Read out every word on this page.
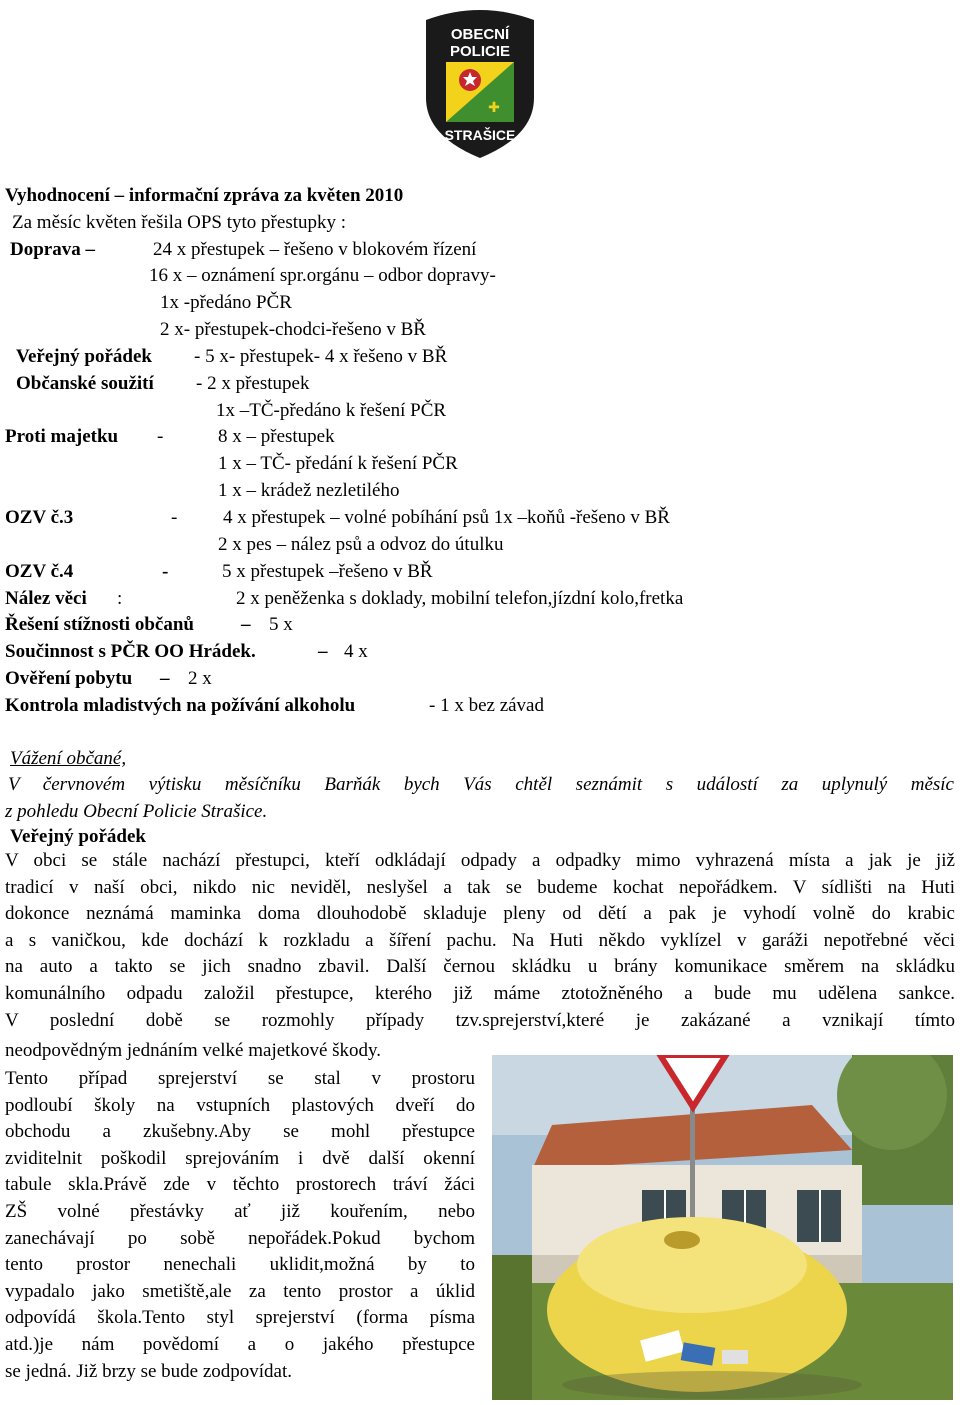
OBECNÍ
POLICIE
✚
STRAŠICE
Vyhodnocení – informační zpráva za květen 2010
Za měsíc květen řešila OPS tyto přestupky :
Doprava –	24 x přestupek – řešeno v blokovém řízení
16 x – oznámení spr.orgánu – odbor dopravy-
1x -předáno PČR
2 x- přestupek-chodci-řešeno v BŘ
Veřejný pořádek - 5 x- přestupek- 4 x řešeno v BŘ
Občanské soužití - 2 x přestupek
1x –TČ-předáno k řešení PČR
Proti majetku -	8 x – přestupek
1 x – TČ- předání k řešení PČR
1 x – krádež nezletilého
OZV č.3	- 4 x přestupek – volné pobíhání psů 1x –koňů -řešeno v BŘ
2 x pes – nález psů a odvoz do útulku
OZV č.4	-	5 x přestupek –řešeno v BŘ
Nález věci :	2 x peněženka s doklady, mobilní telefon,jízdní kolo,fretka
Řešení stížnosti občanů – 5 x
Součinnost s PČR OO Hrádek.	– 4 x
Ověření pobytu – 2 x
Kontrola mladistvých na požívání alkoholu	- 1 x bez závad
Vážení občané,
V červnovém výtisku měsíčníku Barňák bych Vás chtěl seznámit s událostí za uplynulý měsíc
z pohledu Obecní Policie Strašice.
Veřejný pořádek

V obci se stále nachází přestupci, kteří odkládají odpady a odpadky mimo vyhrazená místa a jak je již

tradicí v naší obci, nikdo nic neviděl, neslyšel a tak se budeme kochat nepořádkem. V sídlišti na Huti

dokonce neznámá maminka doma dlouhodobě skladuje pleny od dětí a pak je vyhodí volně do krabic

a s vaničkou, kde dochází k rozkladu a šíření pachu. Na Huti někdo vyklízel v garáži nepotřebné věci

na auto a takto se jich snadno zbavil. Další černou skládku u brány komunikace směrem na skládku

komunálního odpadu založil přestupce, kterého již máme ztotožněného a bude mu udělena sankce.

V poslední době se rozmohly případy tzv.sprejerství,které je zakázané a vznikají tímto

neodpovědným jednáním velké majetkové škody.

Tento případ sprejerství se stal v prostoru

podloubí školy na vstupních plastových dveří do

obchodu a zkušebny.Aby se mohl přestupce

zviditelnit poškodil sprejováním i dvě další okenní

tabule skla.Právě zde v těchto prostorech tráví žáci

ZŠ volné přestávky ať již kouřením, nebo

zanechávají po sobě nepořádek.Pokud bychom

tento prostor nenechali uklidit,možná by to

vypadalo jako smetiště,ale za tento prostor a úklid

odpovídá škola.Tento styl sprejerství (forma písma

atd.)je nám povědomí a o jakého přestupce

se jedná. Již brzy se bude zodpovídat.
